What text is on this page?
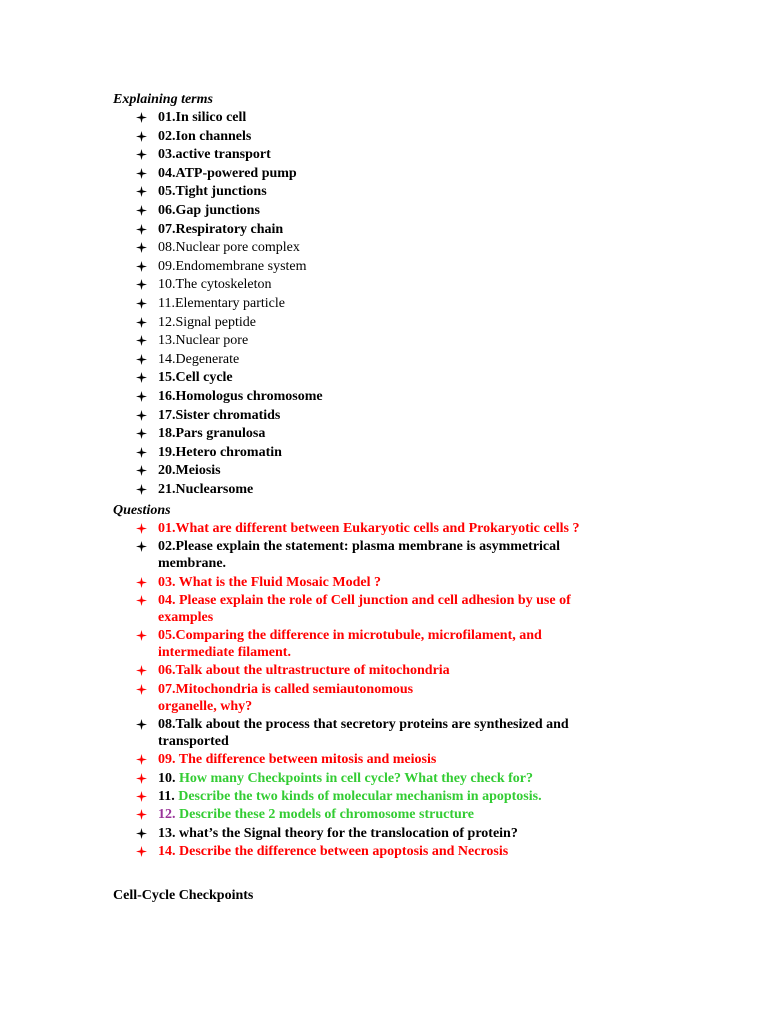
Explaining terms
01.In silico cell
02.Ion channels
03.active transport
04.ATP-powered pump
05.Tight junctions
06.Gap junctions
07.Respiratory chain
08.Nuclear pore complex
09.Endomembrane system
10.The cytoskeleton
11.Elementary particle
12.Signal peptide
13.Nuclear pore
14.Degenerate
15.Cell cycle
16.Homologus chromosome
17.Sister chromatids
18.Pars granulosa
19.Hetero chromatin
20.Meiosis
21.Nuclearsome
Questions
01.What are different between Eukaryotic cells and Prokaryotic cells ?
02.Please explain the statement: plasma membrane is asymmetrical membrane.
03. What is the Fluid Mosaic Model ?
04. Please explain the role of Cell junction and cell adhesion by use of examples
05.Comparing the difference in microtubule, microfilament, and intermediate filament.
06.Talk about the ultrastructure of mitochondria
07.Mitochondria is called semiautonomous
organelle, why?
08.Talk about the process that secretory proteins are synthesized and transported
09. The difference between mitosis and meiosis
10. How many Checkpoints in cell cycle? What they check for?
11. Describe the two kinds of molecular mechanism in apoptosis.
12. Describe these 2 models of chromosome structure
13. what’s the Signal theory for the translocation of protein?
14. Describe the difference between apoptosis and Necrosis
Cell-Cycle Checkpoints
